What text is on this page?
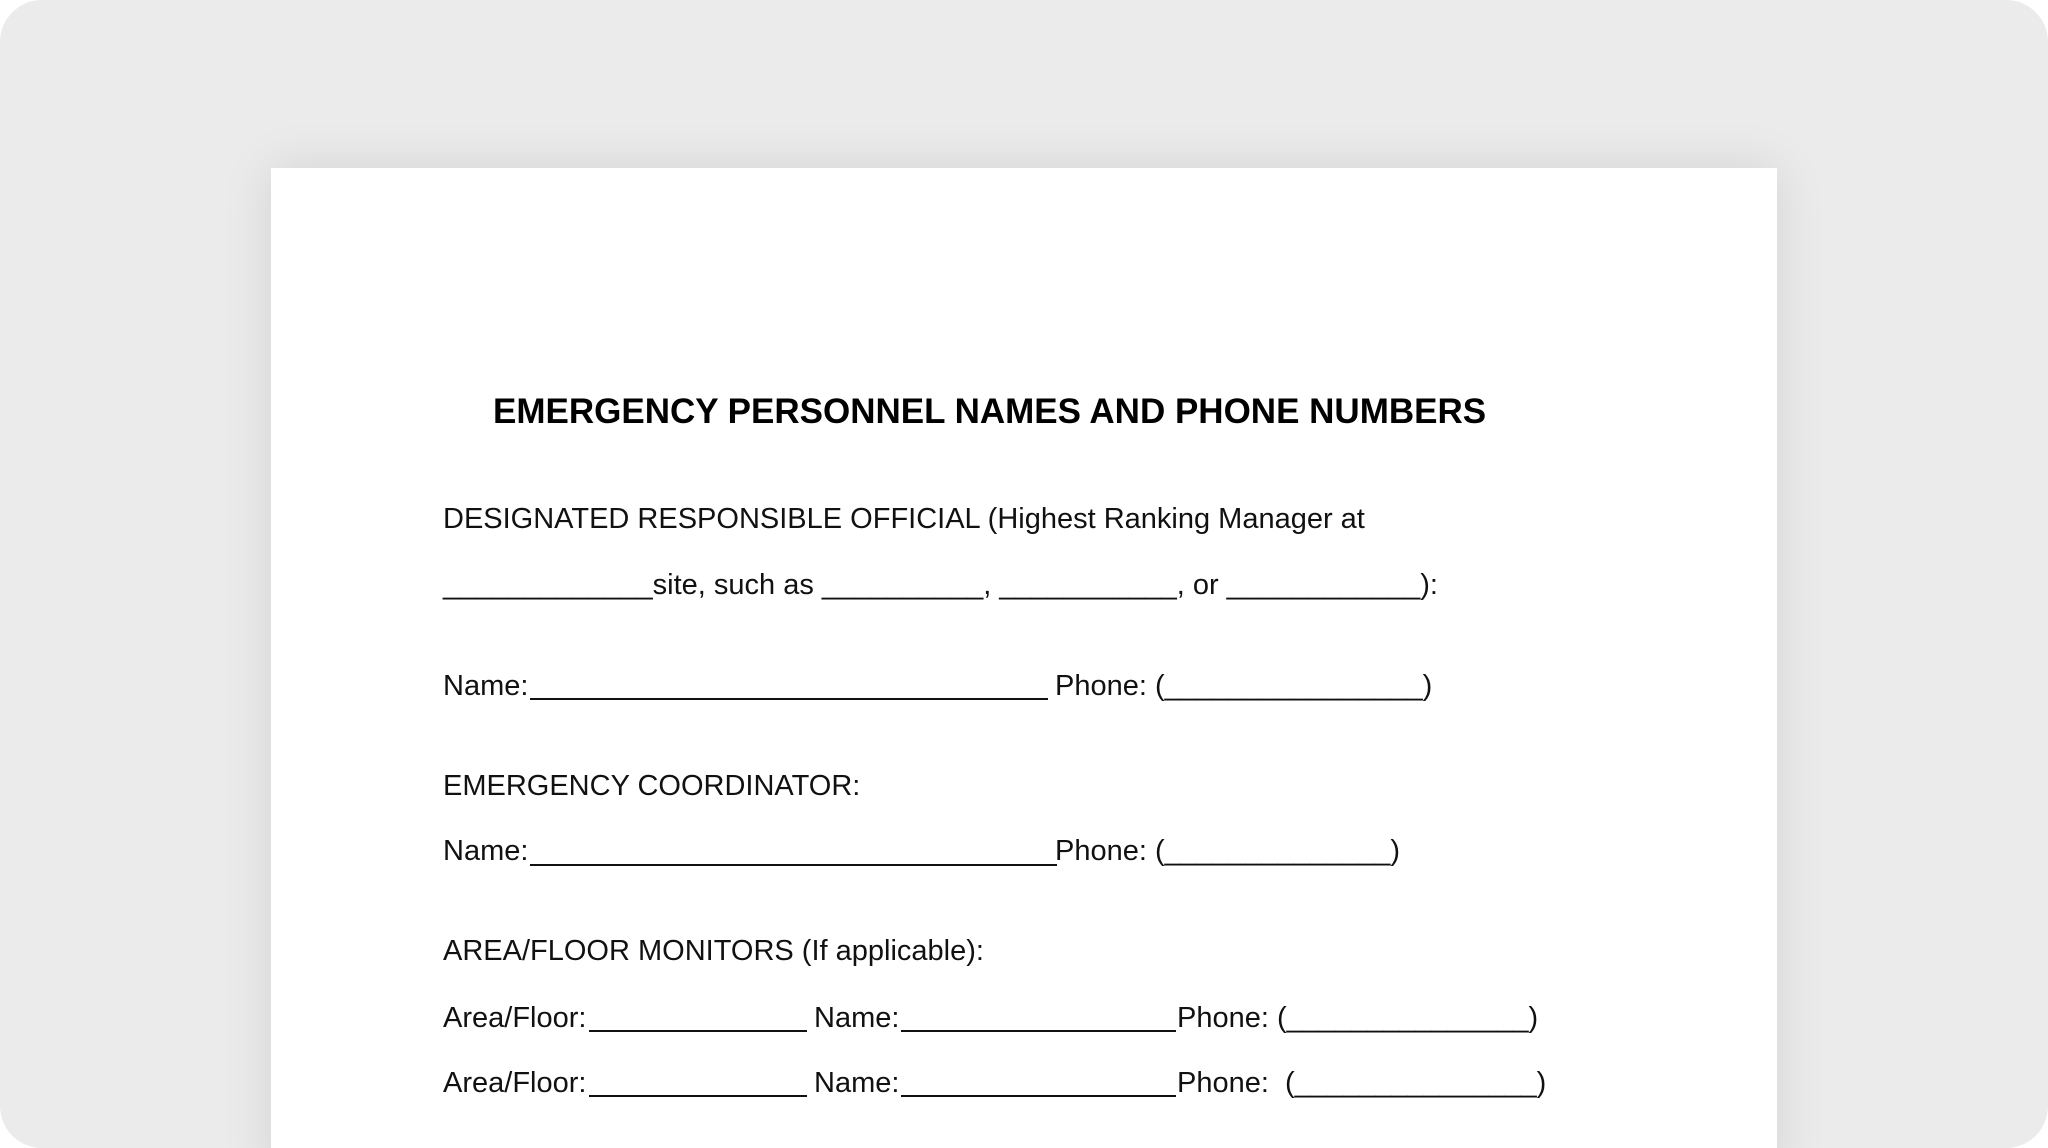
EMERGENCY PERSONNEL NAMES AND PHONE NUMBERS
DESIGNATED RESPONSIBLE OFFICIAL (Highest Ranking Manager at
_____________site, such as __________, ___________, or ____________):
Name:	Phone: (________________)
EMERGENCY COORDINATOR:
Name:	Phone: (______________)
AREA/FLOOR MONITORS (If applicable):
Area/Floor:	Name:	Phone: (_______________)
Area/Floor:	Name:	Phone:  (_______________)
